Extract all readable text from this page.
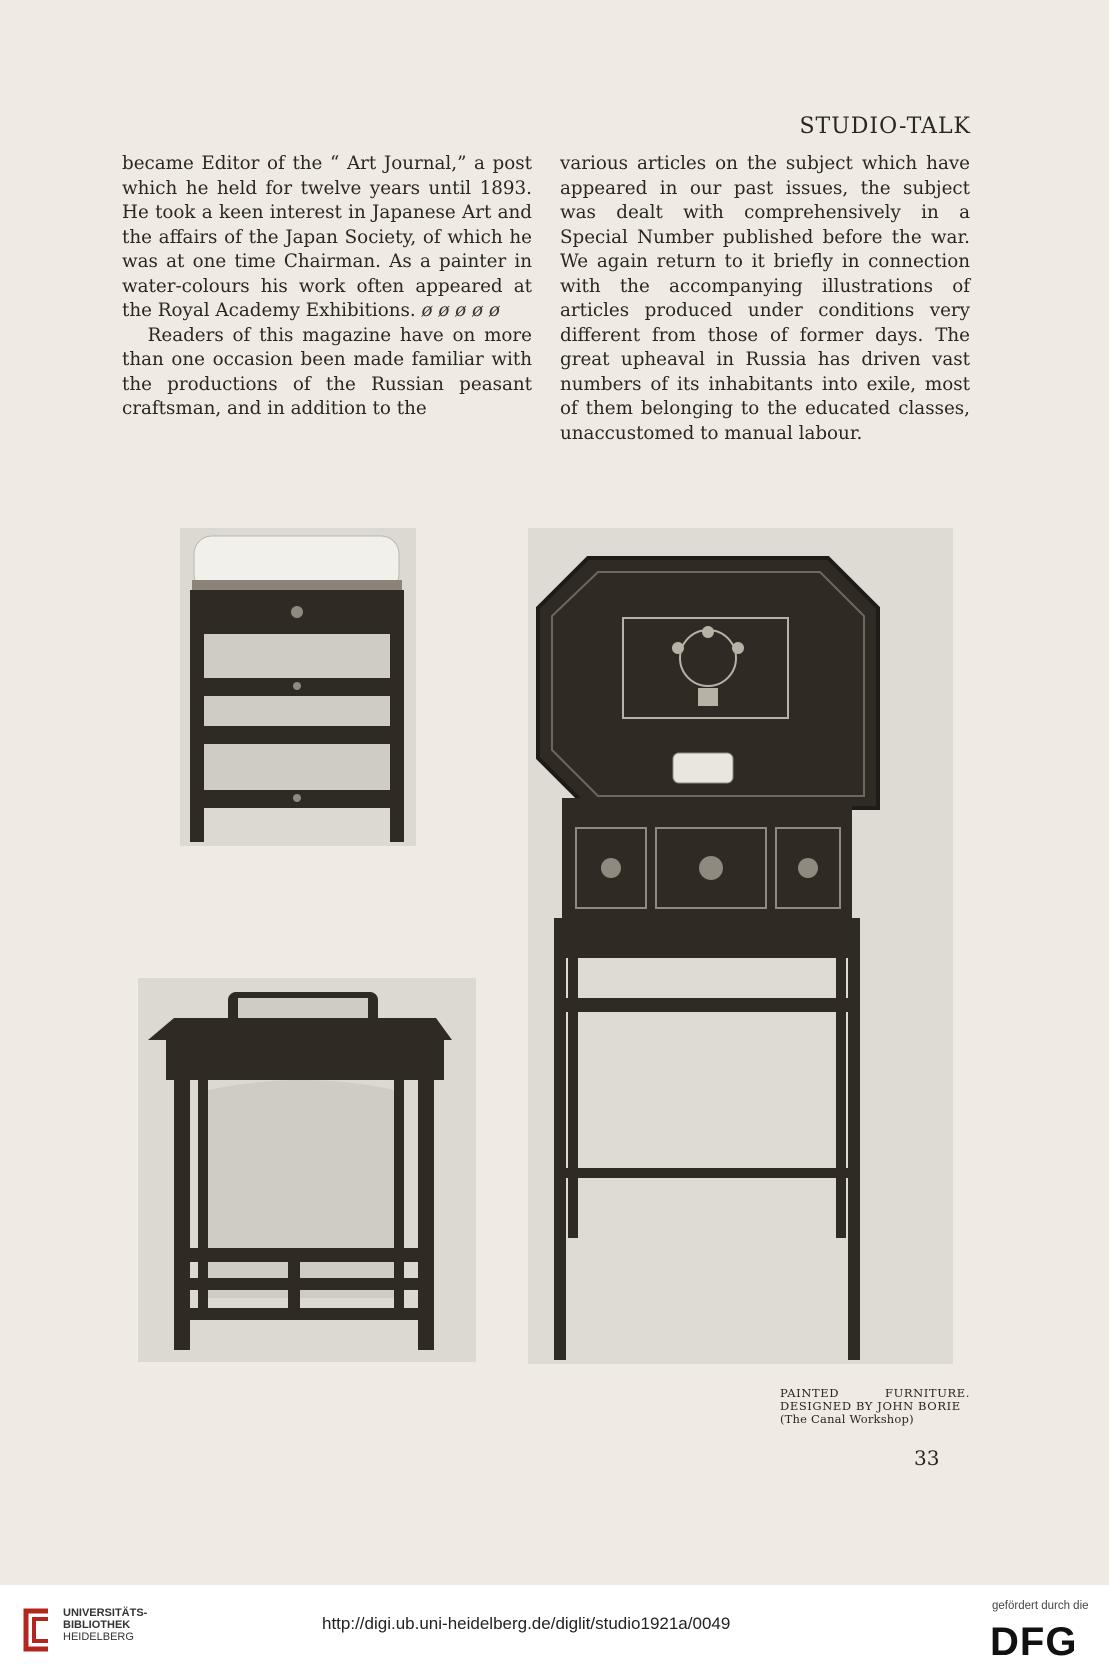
STUDIO-TALK

became Editor of the “ Art Journal,” a post which he held for twelve years until 1893. He took a keen interest in Japanese Art and the affairs of the Japan Society, of which he was at one time Chairman. As a painter in water-colours his work often appeared at the Royal Academy Exhibitions. ø ø ø ø ø

Readers of this magazine have on more than one occasion been made familiar with the productions of the Russian peasant craftsman, and in addition to the

various articles on the subject which have appeared in our past issues, the subject was dealt with comprehensively in a Special Number published before the war. We again return to it briefly in connection with the accompanying illustrations of articles produced under conditions very different from those of former days. The great upheaval in Russia has driven vast numbers of its inhabitants into exile, most of them belonging to the educated classes, unaccustomed to manual labour.

PAINTED FURNITURE. DESIGNED BY JOHN BORIE
(The Canal Workshop)
33
UNIVERSITÄTS-
BIBLIOTHEK
HEIDELBERG
http://digi.ub.uni-heidelberg.de/diglit/studio1921a/0049
gefördert durch die
DFG
